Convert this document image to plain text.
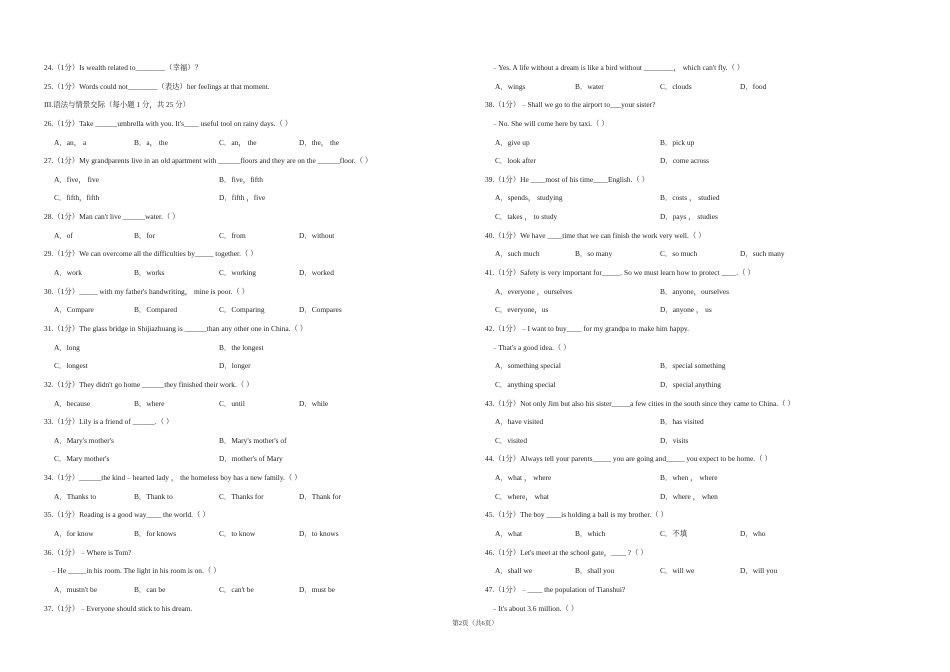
24.（1分）Is wealth related to________（幸福）？
25.（1分）Words could not________（表达）her feelings at that moment.
III.语法与情景交际（每小题 1 分，共 25 分）
26.（1分）Take ______umbrella with you. It's____ useful tool on rainy days.（ ）
A．an， a	B．a， the	C．an， the	D．the， the
27.（1分）My grandparents live in an old apartment with ______floors and they are on the ______floor.（ ）
A．five， five	B．five，fifth
C．fifth，fifth	D．fifth ，five
28.（1分）Man can't live ______water.（ ）
A．of	B．for	C．from	D．without
29.（1分）We can overcome all the difficulties by_____ together.（ ）
A．work	B．works	C．working	D．worked
30.（1分）_____ with my father's handwriting， mine is poor.（ ）
A．Compare	B．Compared	C．Comparing	D．Compares
31.（1分）The glass bridge in Shijiazhuang is ______than any other one in China.（ ）
A．long	B．the longest
C．longest	D．longer
32.（1分）They didn't go home ______they finished their work.（ ）
A．because	B．where	C．until	D．while
33.（1分）Lily is a friend of ______.（ ）
A．Mary's mother's	B．Mary's mother's of
C．Mary mother's	D．mother's of Mary
34.（1分）______the kind﹣hearted lady ， the homeless boy has a new family.（ ）
A．Thanks to	B．Thank to	C．Thanks for	D．Thank for
35.（1分）Reading is a good way____ the world.（ ）
A．for know	B．for knows	C．to know	D．to knows
36.（1分）﹣Where is Tom?
﹣He _____in his room. The light in his room is on.（ ）
A．mustn't be	B．can be	C．can't be	D．must be
37.（1分）﹣Everyone should stick to his dream.
﹣Yes. A life without a dream is like a bird without ________， which can't fly.（ ）
A．wings	B．water	C．clouds	D．food
38.（1分）﹣Shall we go to the airport to___your sister?
﹣No. She will come here by taxi.（ ）
A．give up	B．pick up
C．look after	D．come across
39.（1分）He ____most of his time____English.（ ）
A．spends， studying	B．costs ， studied
C．takes ， to study	D．pays ， studies
40.（1分）We have ____time that we can finish the work very well.（ ）
A．such much	B．so many	C．so much	D．such many
41.（1分）Safety is very important for_____. So we must learn how to protect ____.（ ）
A．everyone ，ourselves	B．anyone，ourselves
C．everyone，us	D．anyone ， us
42.（1分）﹣I want to buy____ for my grandpa to make him happy.
﹣That's a good idea.（ ）
A．something special	B．special something
C．anything special	D．special anything
43.（1分）Not only Jim but also his sister_____a few cities in the south since they came to China.（ ）
A．have visited	B．has visited
C．visited	D．visits
44.（1分）Always tell your parents_____ you are going and_____ you expect to be home.（ ）
A．what ， where	B．when ， where
C．where， what	D．where ， when
45.（1分）The boy ____is holding a ball is my brother.（ ）
A．what	B．which	C．不填	D．who
46.（1分）Let's meet at the school gate，____ ?（ ）
A．shall we	B．shall you	C．will we	D．will you
47.（1分）﹣____ the population of Tianshui?
﹣It's about 3.6 million.（ ）
第2页（共6页）
